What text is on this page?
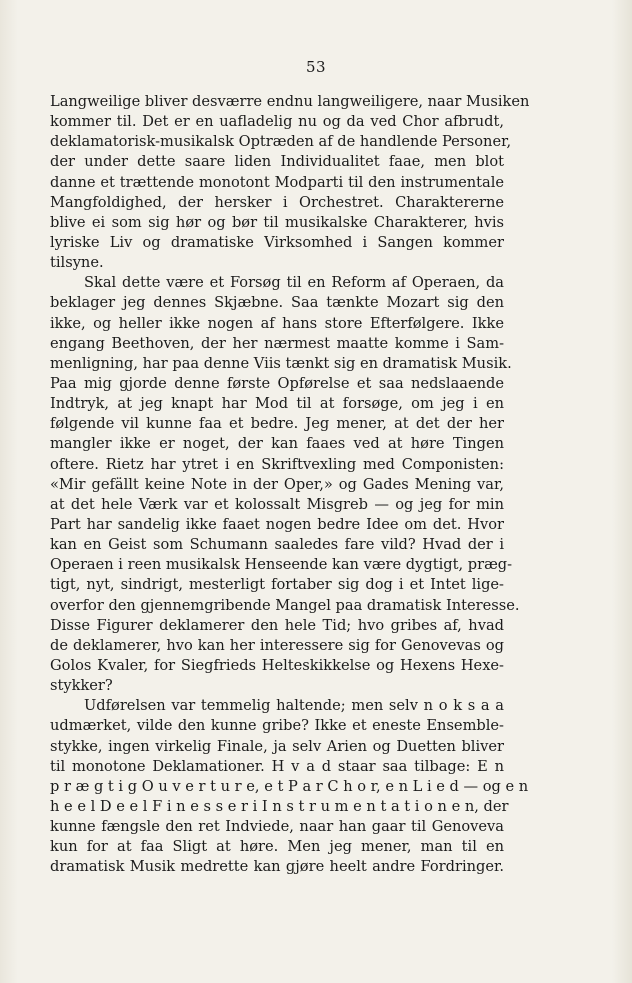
53
Langweilige bliver desværre endnu langweiligere, naar Musiken
kommer til. Det er en uafladelig nu og da ved Chor afbrudt,
deklamatorisk-musikalsk Optræden af de handlende Personer,
der under dette saare liden Individualitet faae, men blot
danne et trættende monotont Modparti til den instrumentale
Mangfoldighed, der hersker i Orchestret. Charaktererne
blive ei som sig hør og bør til musikalske Charakterer, hvis
lyriske Liv og dramatiske Virksomhed i Sangen kommer
tilsyne.
Skal dette være et Forsøg til en Reform af Operaen, da
beklager jeg dennes Skjæbne. Saa tænkte Mozart sig den
ikke, og heller ikke nogen af hans store Efterfølgere. Ikke
engang Beethoven, der her nærmest maatte komme i Sam-
menligning, har paa denne Viis tænkt sig en dramatisk Musik.
Paa mig gjorde denne første Opførelse et saa nedslaaende
Indtryk, at jeg knapt har Mod til at forsøge, om jeg i en
følgende vil kunne faa et bedre. Jeg mener, at det der her
mangler ikke er noget, der kan faaes ved at høre Tingen
oftere. Rietz har ytret i en Skriftvexling med Componisten:
«Mir gefällt keine Note in der Oper,» og Gades Mening var,
at det hele Værk var et kolossalt Misgreb — og jeg for min
Part har sandelig ikke faaet nogen bedre Idee om det. Hvor
kan en Geist som Schumann saaledes fare vild? Hvad der i
Operaen i reen musikalsk Henseende kan være dygtigt, præg-
tigt, nyt, sindrigt, mesterligt fortaber sig dog i et Intet lige-
overfor den gjennemgribende Mangel paa dramatisk Interesse.
Disse Figurer deklamerer den hele Tid; hvo gribes af, hvad
de deklamerer, hvo kan her interessere sig for Genovevas og
Golos Kvaler, for Siegfrieds Helteskikkelse og Hexens Hexe-
stykker?
Udførelsen var temmelig haltende; men selv n o k s a a
udmærket, vilde den kunne gribe? Ikke et eneste Ensemble-
stykke, ingen virkelig Finale, ja selv Arien og Duetten bliver
til monotone Deklamationer. H v a d staar saa tilbage: E n
p r æ g t i g O u v e r t u r e, e t P a r C h o r, e n L i e d — og e n
h e e l D e e l F i n e s s e r i I n s t r u m e n t a t i o n e n, der
kunne fængsle den ret Indviede, naar han gaar til Genoveva
kun for at faa Sligt at høre. Men jeg mener, man til en
dramatisk Musik medrette kan gjøre heelt andre Fordringer.
